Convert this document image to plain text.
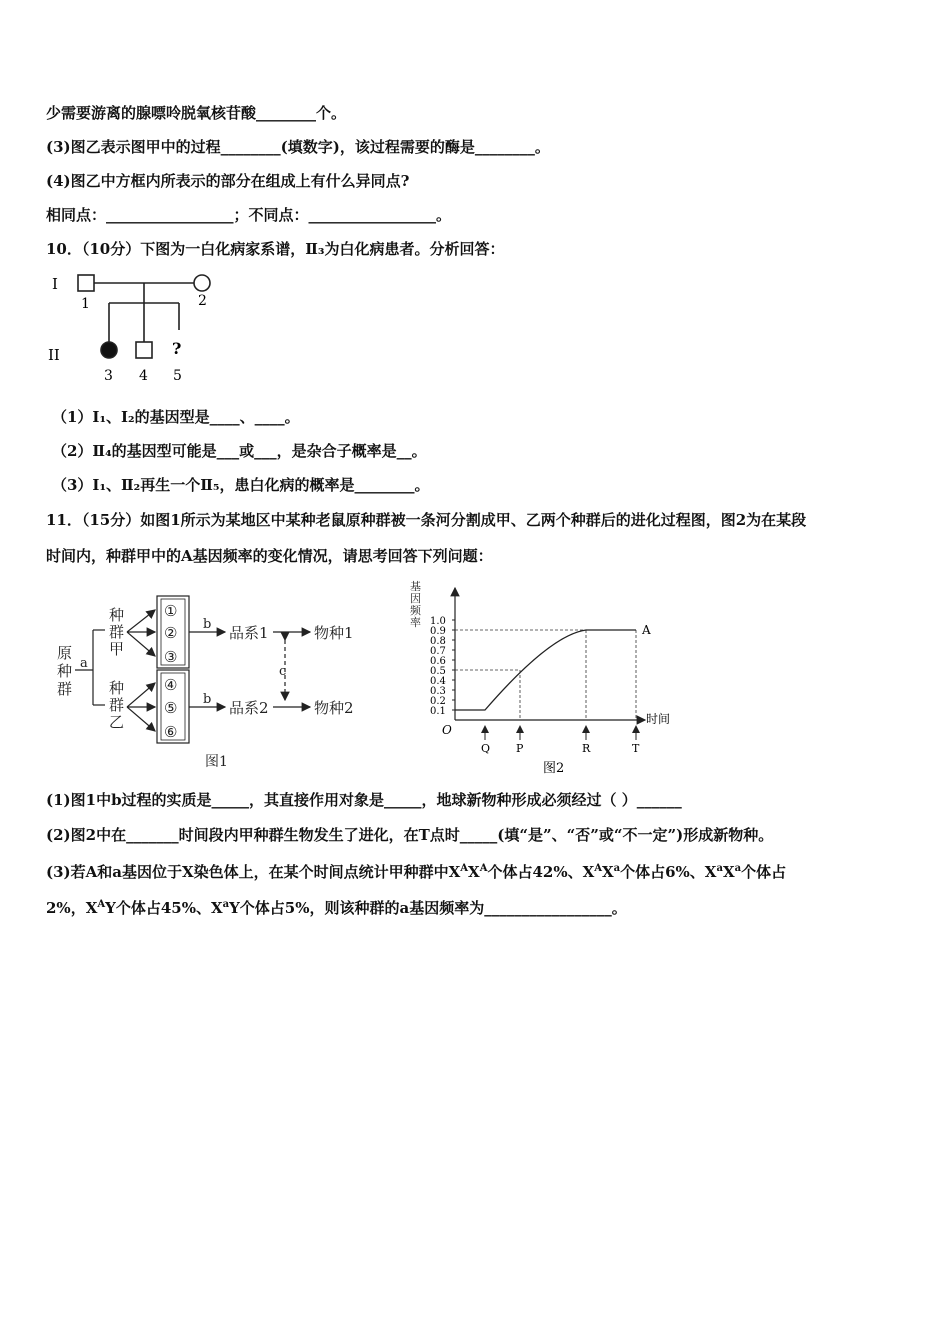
少需要游离的腺嘌呤脱氧核苷酸________个。
(3)图乙表示图甲中的过程________(填数字)，该过程需要的酶是________。
(4)图乙中方框内所表示的部分在组成上有什么异同点?
相同点：_________________；不同点：_________________。
10．（10分）下图为一白化病家系谱，Ⅱ₃为白化病患者。分析回答：
I
II
1	2
3 4 5
?
（1）Ⅰ₁、Ⅰ₂的基因型是____、____。
（2）Ⅱ₄的基因型可能是___或___，是杂合子概率是__。
（3）Ⅰ₁、Ⅱ₂再生一个Ⅱ₅，患白化病的概率是________。
11．（15分）如图1所示为某地区中某种老鼠原种群被一条河分割成甲、乙两个种群后的进化过程图，图2为在某段
时间内，种群甲中的A基因频率的变化情况，请思考回答下列问题：
原
种
群
a
种
群
甲
种
群
乙
①
②
③
④
⑤
⑥
b
b
品系1
品系2
物种1
物种2
c
图1
基
因
频
率
时间
O
1.0
0.9
0.8
0.7
0.6
0.5
0.4
0.3
0.2
0.1
Q P	R	T
A
图2
(1)图1中b过程的实质是_____，其直接作用对象是_____，地球新物种形成必须经过（ ）______
(2)图2中在_______时间段内甲种群生物发生了进化，在T点时_____(填“是”、“否”或“不一定”)形成新物种。
(3)若A和a基因位于X染色体上，在某个时间点统计甲种群中$X^AX^A$个体占42%、$X^AX^a$个体占6%、$X^aX^a$个体占
2%，$X^AY$个体占45%、$X^aY$个体占5%，则该种群的a基因频率为_________________。
